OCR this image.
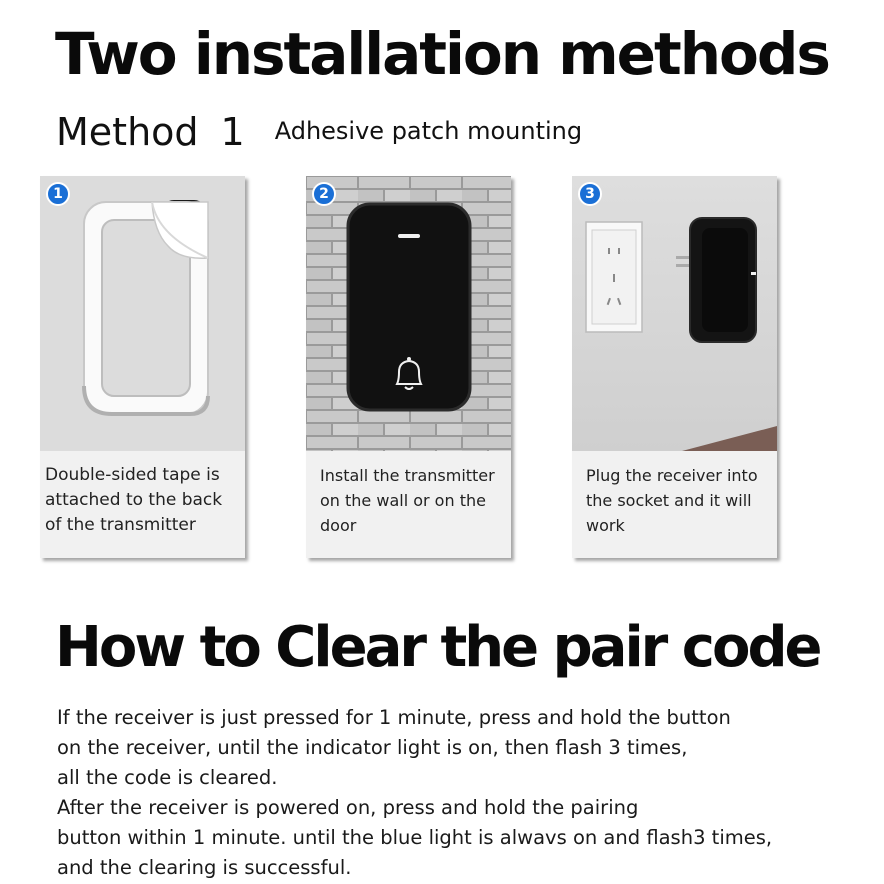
Two installation methods
Method 1 Adhesive patch mounting
1
Double-sided tape is
attached to the back
of the transmitter
2
Install the transmitter
on the wall or on the
door
3
Plug the receiver into
the socket and it will
work
How to Clear the pair code
If the receiver is just pressed for 1 minute, press and hold the button
on the receiver, until the indicator light is on, then flash 3 times,
all the code is cleared.
After the receiver is powered on, press and hold the pairing
button within 1 minute. until the blue light is alwavs on and flash3 times,
and the clearing is successful.
